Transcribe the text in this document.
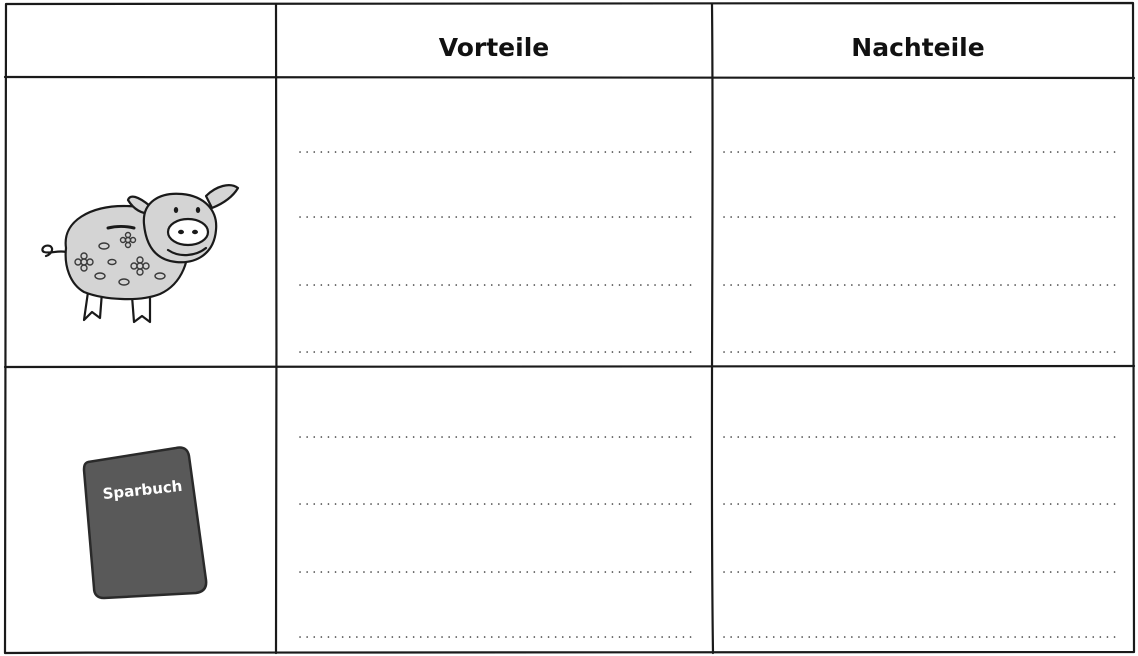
Vorteile	Nachteile
Sparbuch
